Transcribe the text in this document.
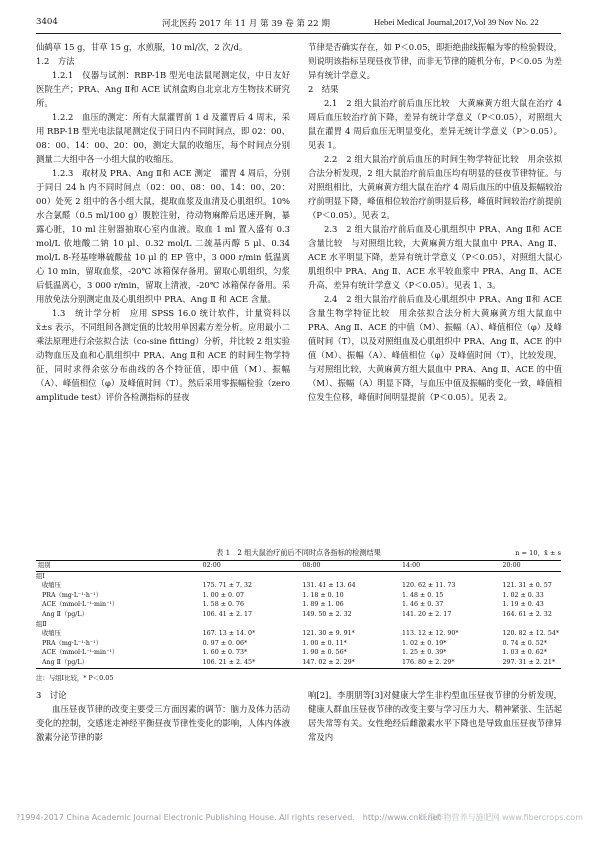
3404	河北医药 2017 年 11 月 第 39 卷 第 22 期	Hebei Medical Journal,2017,Vol 39 Nov No. 22

仙鹤草 15 g，甘草 15 g，水煎服，10 ml/次，2 次/d。

1.2　方法

1.2.1　仪器与试剂：RBP-1B 型光电法鼠尾测定仪，中日友好医院生产；PRA、Ang Ⅱ和 ACE 试剂盒购自北京北方生物技术研究所。

1.2.2　血压的测定：所有大鼠灌胃前 1 d 及灌胃后 4 周末，采用 RBP-1B 型光电法鼠尾测定仪于同日内不同时间点，即 02：00、08：00、14：00、20：00，测定大鼠的收缩压，每个时间点分别测量二大组中各一小组大鼠的收缩压。

1.2.3　取材及 PRA、Ang Ⅱ和 ACE 测定　灌胃 4 周后，分别于同日 24 h 内不同时间点（02：00、08：00、14：00、20：00）处死 2 组中的各小组大鼠，提取血浆及血清及心肌组织。10% 水合氯醛（0.5 ml/100 g）腹腔注射，待动物麻醉后迅速开胸，暴露心脏，10 ml 注射器抽取心室内血液。取血 1 ml 置入盛有 0.3 mol/L 依地酸二钠 10 μl、0.32 mol/L 二巯基丙醇 5 μl、0.34 mol/L 8-羟基喹啉硫酸盐 10 μl 的 EP 管中，3 000 r/min 低温离心 10 min，留取血浆，-20℃ 冰箱保存备用。留取心肌组织，匀浆后低温离心，3 000 r/min，留取上清液，-20℃ 冰箱保存备用。采用放免法分别测定血及心肌组织中 PRA、Ang Ⅱ 和 ACE 含量。

1.3　统计学分析　应用 SPSS 16.0 统计软件，计量资料以 x̄±s 表示，不同组间各测定值的比较用单因素方差分析。应用最小二乘法原理进行余弦拟合法（co-sine fitting）分析，并比较 2 组实验动物血压及血和心肌组织中 PRA、Ang Ⅱ和 ACE 的时间生物学特征，同时求得余弦分布曲线的各个特征值，即中值（M）、振幅（A）、峰值相位（φ）及峰值时间（T）。然后采用零振幅检验（zero amplitude test）评价各检测指标的昼夜

节律是否确实存在，如 P＜0.05，即拒绝曲线振幅为零的检验假设，则说明该指标呈现昼夜节律，而非无节律的随机分布，P＜0.05 为差异有统计学意义。

2　结果

2.1　2 组大鼠治疗前后血压比较　大黄麻黄方组大鼠在治疗 4 周后血压较治疗前下降，差异有统计学意义（P＜0.05），对照组大鼠在灌胃 4 周后血压无明显变化，差异无统计学意义（P＞0.05）。见表 1。

2.2　2 组大鼠治疗前后血压的时间生物学特征比较　用余弦拟合法分析发现，2 组大鼠治疗前后血压均有明显的昼夜节律特征。与对照组相比，大黄麻黄方组大鼠在治疗 4 周后血压的中值及振幅较治疗前明显下降，峰值相位较治疗前明显后移，峰值时间较治疗前提前（P＜0.05）。见表 2。

2.3　2 组大鼠治疗前后血及心肌组织中 PRA、Ang Ⅱ和 ACE 含量比较　与对照组比较，大黄麻黄方组大鼠血中 PRA、Ang Ⅱ、ACE 水平明显下降，差异有统计学意义（P＜0.05），对照组大鼠心肌组织中 PRA、Ang Ⅱ、ACE 水平较血浆中 PRA、Ang Ⅱ、ACE 升高，差异有统计学意义（P＜0.05）。见表 1、3。

2.4　2 组大鼠治疗前后血及心肌组织中 PRA、Ang Ⅱ和 ACE 含量生物学特征比较　用余弦拟合法分析大黄麻黄方组大鼠血中 PRA、Ang Ⅱ、ACE 的中值（M）、振幅（A）、峰值相位（φ）及峰值时间（T），以及对照组血及心肌组织中 PRA、Ang Ⅱ、ACE 的中值（M）、振幅（A）、峰值相位（φ）及峰值时间（T），比较发现，与对照组比较，大黄麻黄方组大鼠血中 PRA、Ang Ⅱ、ACE 的中值（M）、振幅（A）明显下降，与血压中值及振幅的变化一致，峰值相位发生位移，峰值时间明显提前（P＜0.05）。见表 2。

表 1　2 组大鼠治疗前后不同时点各指标的检测结果	n = 10，x̄ ± s
组别	02:00	08:00	14:00	20:00
组Ⅰ				
收缩压	175. 71 ± 7. 32	131. 41 ± 13. 64	120. 62 ± 11. 73	121. 31 ± 0. 57
PRA（mg·L⁻¹·h⁻¹）	1. 00 ± 0. 07	1. 18 ± 0. 10	1. 48 ± 0. 15	1. 02 ± 0. 33
ACE（mmol·L⁻¹·min⁻¹）	1. 58 ± 0. 76	1. 89 ± 1. 06	1. 46 ± 0. 37	1. 19 ± 0. 43
Ang Ⅱ（pg/L）	106. 41 ± 2. 17	149. 50 ± 2. 32	141. 20 ± 2. 17	164. 61 ± 2. 32
组Ⅱ				
收缩压	167. 13 ± 14. 0*	121. 30 ± 9. 91*	113. 12 ± 12. 90*	120. 82 ± 12. 54*
PRA（mg·L⁻¹·h⁻¹）	0. 97 ± 0. 06*	1. 00 ± 0. 11*	1. 02 ± 0. 19*	0. 74 ± 0. 52*
ACE（mmol·L⁻¹·min⁻¹）	1. 60 ± 0. 73*	1. 90 ± 0. 56*	1. 25 ± 0. 39*	1. 03 ± 0. 62*
Ang Ⅱ（pg/L）	106. 21 ± 2. 45*	147. 02 ± 2. 29*	176. 80 ± 2. 29*	297. 31 ± 2. 21*
注：与组Ⅰ比较，* P＜0.05

3　讨论

血压昼夜节律的改变主要受三方面因素的调节：脑力及体力活动变化的控制，交感迷走神经平衡昼夜节律性变化的影响，人体内体液激素分泌节律的影

响[2]。李朋朋等[3]对健康大学生非杓型血压昼夜节律的分析发现，健康人群血压昼夜节律的改变主要与学习压力大、精神紧张、生活起居失常等有关。女性绝经后雌激素水平下降也是导致血压昼夜节律异常及内

?1994-2017 China Academic Journal Electronic Publishing House. All rights reserved.　http://www.cnki.net
纤维作物营养与施肥网 www.fibercrops.com
